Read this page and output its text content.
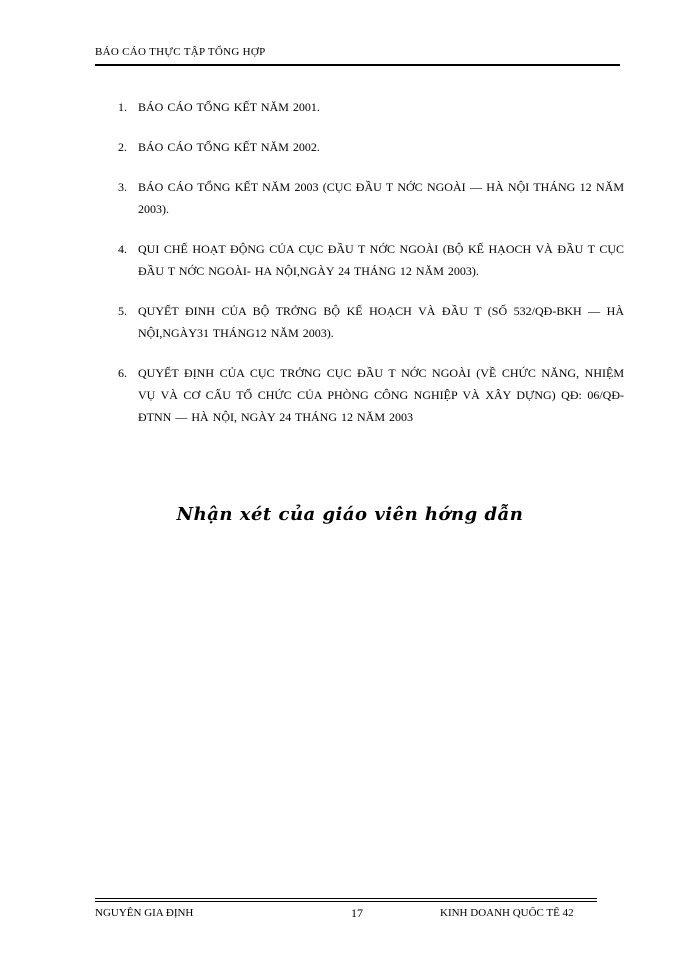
BÁO CÁO THỰC TẬP TỔNG HỢP
1. BÁO CÁO TỔNG KẾT NĂM 2001.
2. BÁO CÁO TỔNG KẾT NĂM 2002.
3. BÁO CÁO TỔNG KẾT NĂM 2003 (CỤC ĐẦU T NỚC NGOÀI — HÀ NỘI THÁNG 12 NĂM 2003).
4. QUI CHẾ HOẠT ĐỘNG CỦA CỤC ĐẦU T NỚC NGOÀI (BỘ KẾ HẠOCH VÀ ĐẦU T CỤC ĐẦU T NỚC NGOÀI- HA NỘI,NGÀY 24 THÁNG 12 NĂM 2003).
5. QUYẾT ĐINH CỦA BỘ TRỞNG BỘ KẾ HOẠCH VÀ ĐẦU T (SỐ 532/QĐ-BKH — HÀ NỘI,NGÀY31 THÁNG12 NĂM 2003).
6. QUYẾT ĐỊNH CỦA CỤC TRỞNG CỤC ĐẦU T NỚC NGOÀI (VỀ CHỨC NĂNG, NHIỆM VỤ VÀ CƠ CẤU TỔ CHỨC CỦA PHÒNG CÔNG NGHIỆP VÀ XÂY DỰNG) QĐ: 06/QĐ-ĐTNN — HÀ NỘI, NGÀY 24 THÁNG 12 NĂM 2003
Nhận xét của giáo viên hớng dẫn
NGUYỄN GIA ĐỊNH	17	KINH DOANH QUỐC TẾ 42
